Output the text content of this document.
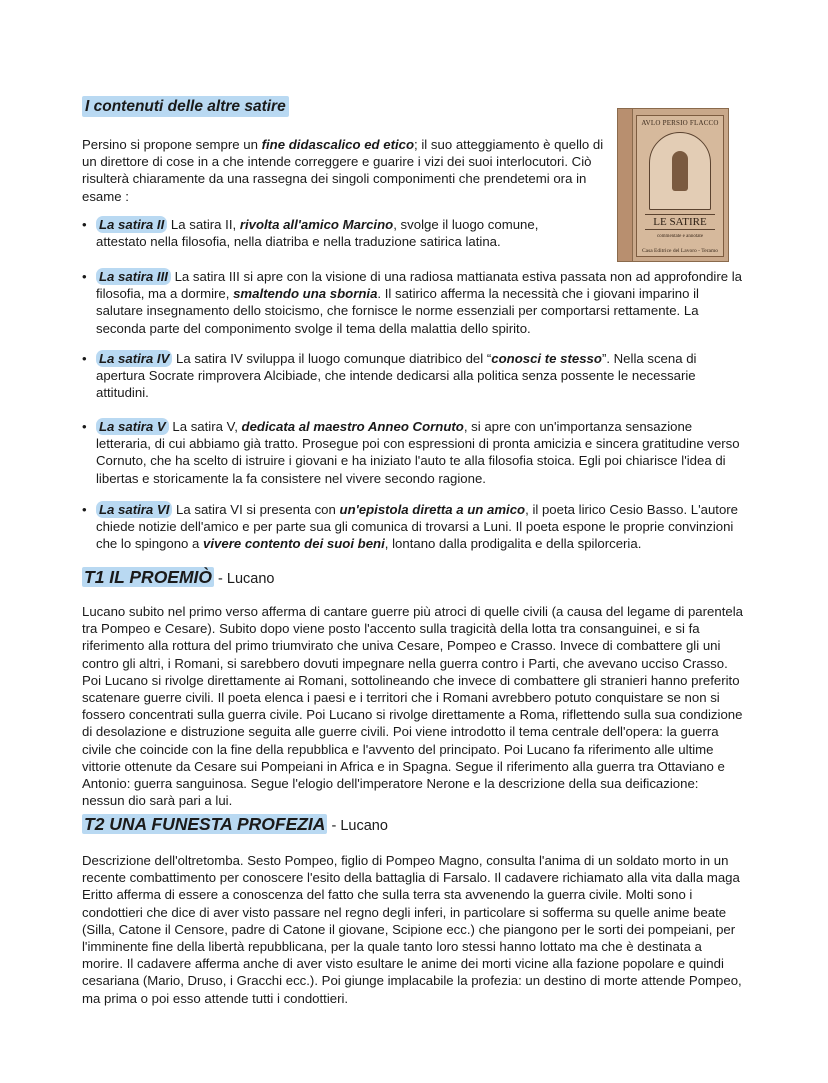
I contenuti delle altre satire

Persino si propone sempre un fine didascalico ed etico; il suo atteggiamento è quello di un direttore di cose in a che intende correggere e guarire i vizi dei suoi interlocutori. Ciò risulterà chiaramente da una rassegna dei singoli componimenti che prendetemi ora in esame :

AVLO PERSIO FLACCO
LE SATIRE
commentate e annotate
Casa Editrice del Lavoro - Teramo
• La satira II La satira II, rivolta all'amico Marcino, svolge il luogo comune, attestato nella filosofia, nella diatriba e nella traduzione satirica latina.
• La satira III La satira III si apre con la visione di una radiosa mattianata estiva passata non ad approfondire la filosofia, ma a dormire, smaltendo una sbornia. Il satirico afferma la necessità che i giovani imparino il salutare insegnamento dello stoicismo, che fornisce le norme essenziali per comportarsi rettamente. La seconda parte del componimento svolge il tema della malattia dello spirito.
• La satira IV La satira IV sviluppa il luogo comunque diatribico del “conosci te stesso”. Nella scena di apertura Socrate rimprovera Alcibiade, che intende dedicarsi alla politica senza possente le necessarie attitudini.
• La satira V La satira V, dedicata al maestro Anneo Cornuto, si apre con un'importanza sensazione letteraria, di cui abbiamo già tratto. Prosegue poi con espressioni di pronta amicizia e sincera gratitudine verso Cornuto, che ha scelto di istruire i giovani e ha iniziato l'auto te alla filosofia stoica. Egli poi chiarisce l'idea di libertas e storicamente la fa consistere nel vivere secondo ragione.
• La satira VI La satira VI si presenta con un'epistola diretta a un amico, il poeta lirico Cesio Basso. L'autore chiede notizie dell'amico e per parte sua gli comunica di trovarsi a Luni. Il poeta espone le proprie convinzioni che lo spingono a vivere contento dei suoi beni, lontano dalla prodigalita e della spilorceria.
T1 IL PROEMIÒ - Lucano

Lucano subito nel primo verso afferma di cantare guerre più atroci di quelle civili (a causa del legame di parentela tra Pompeo e Cesare). Subito dopo viene posto l'accento sulla tragicità della lotta tra consanguinei, e si fa riferimento alla rottura del primo triumvirato che univa Cesare, Pompeo e Crasso. Invece di combattere gli uni contro gli altri, i Romani, si sarebbero dovuti impegnare nella guerra contro i Parti, che avevano ucciso Crasso. Poi Lucano si rivolge direttamente ai Romani, sottolineando che invece di combattere gli stranieri hanno preferito scatenare guerre civili. Il poeta elenca i paesi e i territori che i Romani avrebbero potuto conquistare se non si fossero concentrati sulla guerra civile. Poi Lucano si rivolge direttamente a Roma, riflettendo sulla sua condizione di desolazione e distruzione seguita alle guerre civili. Poi viene introdotto il tema centrale dell'opera: la guerra civile che coincide con la fine della repubblica e l'avvento del principato. Poi Lucano fa riferimento alle ultime vittorie ottenute da Cesare sui Pompeiani in Africa e in Spagna. Segue il riferimento alla guerra tra Ottaviano e Antonio: guerra sanguinosa. Segue l'elogio dell'imperatore Nerone e la descrizione della sua deificazione: nessun dio sarà pari a lui.

T2 UNA FUNESTA PROFEZIA - Lucano

Descrizione dell'oltretomba. Sesto Pompeo, figlio di Pompeo Magno, consulta l'anima di un soldato morto in un recente combattimento per conoscere l'esito della battaglia di Farsalo. Il cadavere richiamato alla vita dalla maga Eritto afferma di essere a conoscenza del fatto che sulla terra sta avvenendo la guerra civile. Molti sono i condottieri che dice di aver visto passare nel regno degli inferi, in particolare si sofferma su quelle anime beate (Silla, Catone il Censore, padre di Catone il giovane, Scipione ecc.) che piangono per le sorti dei pompeiani, per l'imminente fine della libertà repubblicana, per la quale tanto loro stessi hanno lottato ma che è destinata a morire. Il cadavere afferma anche di aver visto esultare le anime dei morti vicine alla fazione popolare e quindi cesariana (Mario, Druso, i Gracchi ecc.). Poi giunge implacabile la profezia: un destino di morte attende Pompeo, ma prima o poi esso attende tutti i condottieri.
